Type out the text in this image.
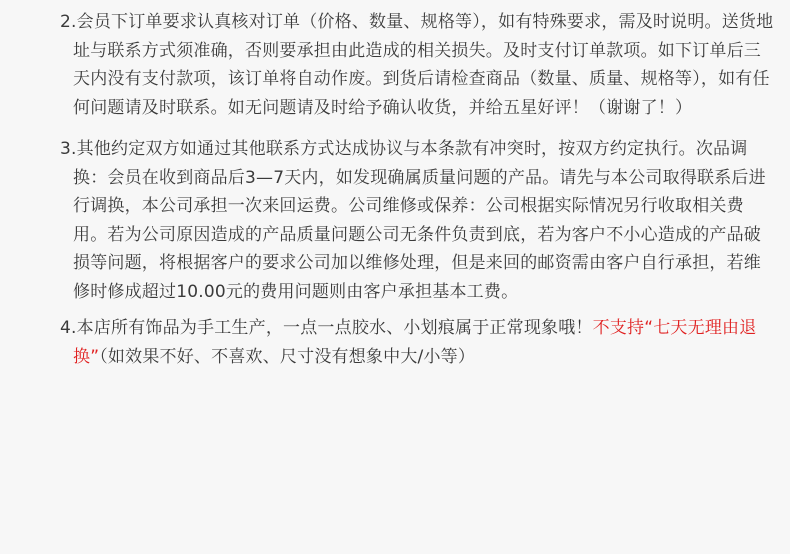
2.会员下订单要求认真核对订单（价格、数量、规格等），如有特殊要求，需及时说明。送货地址与联系方式须准确，否则要承担由此造成的相关损失。及时支付订单款项。如下订单后三天内没有支付款项，该订单将自动作废。到货后请检查商品（数量、质量、规格等），如有任何问题请及时联系。如无问题请及时给予确认收货，并给五星好评！（谢谢了！）

3.其他约定双方如通过其他联系方式达成协议与本条款有冲突时，按双方约定执行。次品调换：会员在收到商品后3—7天内，如发现确属质量问题的产品。请先与本公司取得联系后进行调换，本公司承担一次来回运费。公司维修或保养：公司根据实际情况另行收取相关费用。若为公司原因造成的产品质量问题公司无条件负责到底，若为客户不小心造成的产品破损等问题，将根据客户的要求公司加以维修处理，但是来回的邮资需由客户自行承担，若维修时修成超过10.00元的费用问题则由客户承担基本工费。

4.本店所有饰品为手工生产，一点一点胶水、小划痕属于正常现象哦！不支持“七天无理由退换”（如效果不好、不喜欢、尺寸没有想象中大/小等）
